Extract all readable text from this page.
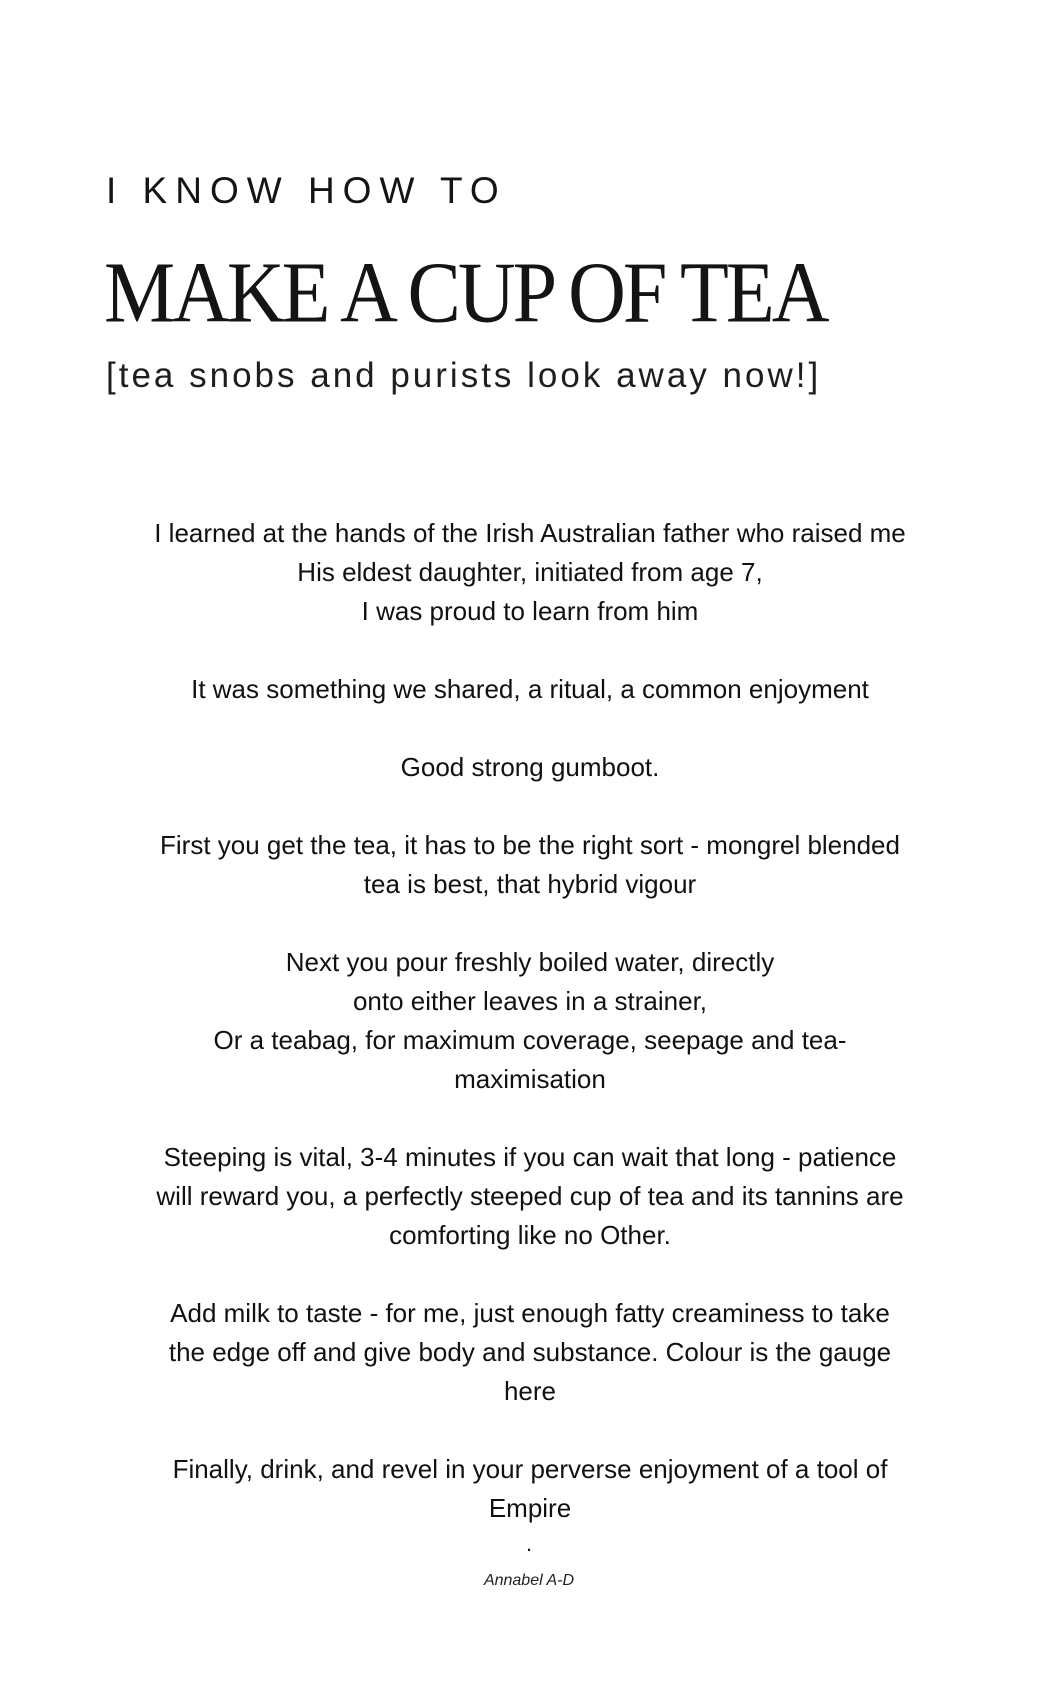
I KNOW HOW TO
MAKE A CUP OF TEA
[tea snobs and purists look away now!]
I learned at the hands of the Irish Australian father who raised me
His eldest daughter, initiated from age 7,
I was proud to learn from him
It was something we shared, a ritual, a common enjoyment
Good strong gumboot.
First you get the tea, it has to be the right sort - mongrel blended
tea is best, that hybrid vigour
Next you pour freshly boiled water, directly
onto either leaves in a strainer,
Or a teabag, for maximum coverage, seepage and tea-
maximisation
Steeping is vital, 3-4 minutes if you can wait that long - patience
will reward you, a perfectly steeped cup of tea and its tannins are
comforting like no Other.
Add milk to taste - for me, just enough fatty creaminess to take
the edge off and give body and substance. Colour is the gauge
here
Finally, drink, and revel in your perverse enjoyment of a tool of
Empire
.
Annabel A-D
